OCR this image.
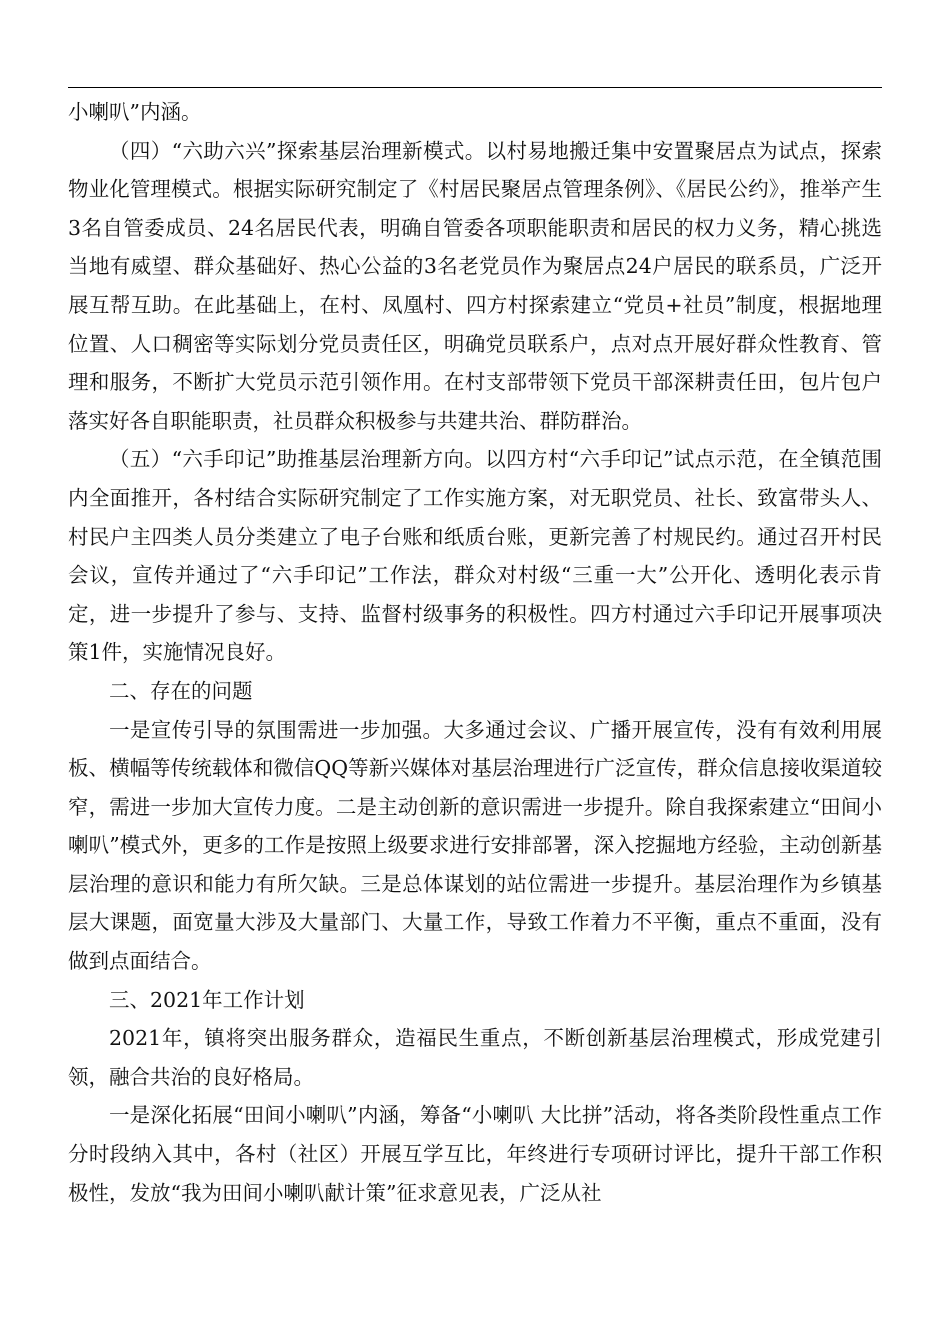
小喇叭”内涵。

（四）“六助六兴”探索基层治理新模式。以村易地搬迁集中安置聚居点为试点，探索物业化管理模式。根据实际研究制定了《村居民聚居点管理条例》、《居民公约》，推举产生3名自管委成员、24名居民代表，明确自管委各项职能职责和居民的权力义务，精心挑选当地有威望、群众基础好、热心公益的3名老党员作为聚居点24户居民的联系员，广泛开展互帮互助。在此基础上，在村、凤凰村、四方村探索建立“党员+社员”制度，根据地理位置、人口稠密等实际划分党员责任区，明确党员联系户，点对点开展好群众性教育、管理和服务，不断扩大党员示范引领作用。在村支部带领下党员干部深耕责任田，包片包户落实好各自职能职责，社员群众积极参与共建共治、群防群治。

（五）“六手印记”助推基层治理新方向。以四方村“六手印记”试点示范，在全镇范围内全面推开，各村结合实际研究制定了工作实施方案，对无职党员、社长、致富带头人、村民户主四类人员分类建立了电子台账和纸质台账，更新完善了村规民约。通过召开村民会议，宣传并通过了“六手印记”工作法，群众对村级“三重一大”公开化、透明化表示肯定，进一步提升了参与、支持、监督村级事务的积极性。四方村通过六手印记开展事项决策1件，实施情况良好。

二、存在的问题

一是宣传引导的氛围需进一步加强。大多通过会议、广播开展宣传，没有有效利用展板、横幅等传统载体和微信QQ等新兴媒体对基层治理进行广泛宣传，群众信息接收渠道较窄，需进一步加大宣传力度。二是主动创新的意识需进一步提升。除自我探索建立“田间小喇叭”模式外，更多的工作是按照上级要求进行安排部署，深入挖掘地方经验，主动创新基层治理的意识和能力有所欠缺。三是总体谋划的站位需进一步提升。基层治理作为乡镇基层大课题，面宽量大涉及大量部门、大量工作，导致工作着力不平衡，重点不重面，没有做到点面结合。

三、2021年工作计划

2021年，镇将突出服务群众，造福民生重点，不断创新基层治理模式，形成党建引领，融合共治的良好格局。

一是深化拓展“田间小喇叭”内涵，筹备“小喇叭 大比拼”活动，将各类阶段性重点工作分时段纳入其中，各村（社区）开展互学互比，年终进行专项研讨评比，提升干部工作积极性，发放“我为田间小喇叭献计策”征求意见表，广泛从社
